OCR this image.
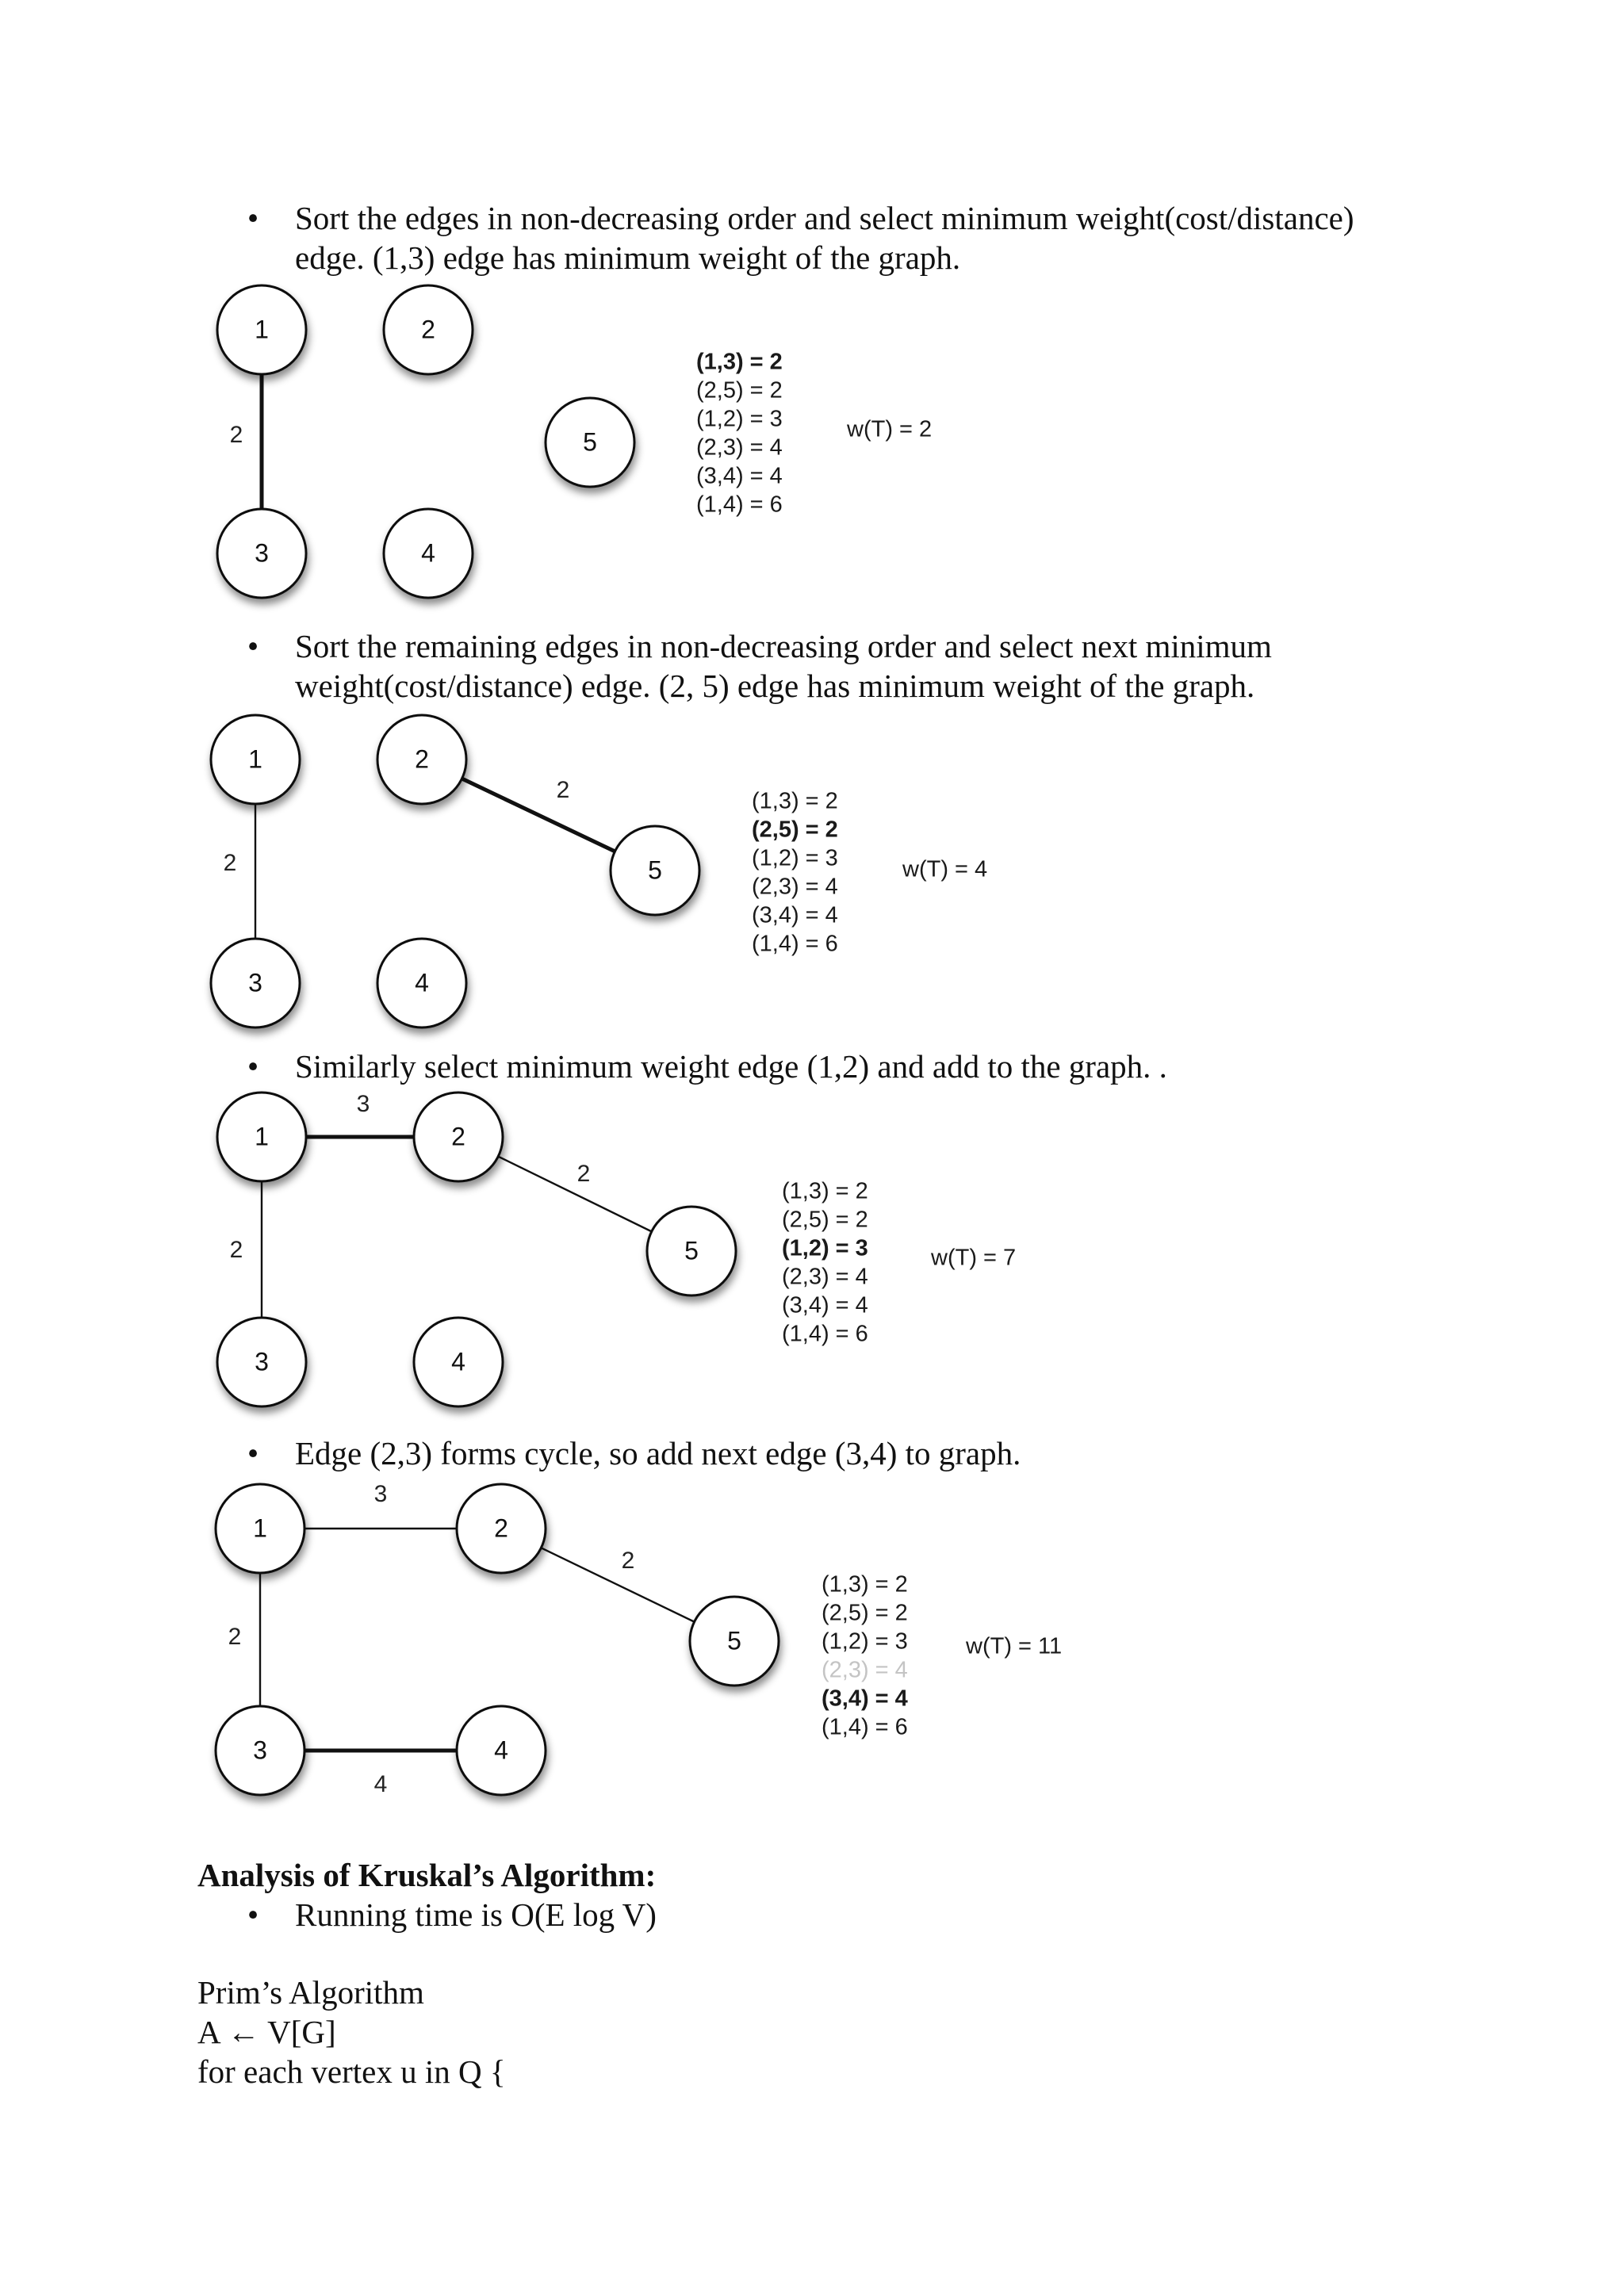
• Sort the edges in non-decreasing order and select minimum weight(cost/distance)
edge. (1,3) edge has minimum weight of the graph.
2
1	2
3	4
5
(1,3) = 2
(2,5) = 2
(1,2) = 3
(2,3) = 4
(3,4) = 4
(1,4) = 6
w(T) = 2
• Sort the remaining edges in non-decreasing order and select next minimum
weight(cost/distance) edge. (2, 5) edge has minimum weight of the graph.
2
2
1	2
3	4
5
(1,3) = 2
(2,5) = 2
(1,2) = 3
(2,3) = 4
(3,4) = 4
(1,4) = 6
w(T) = 4
• Similarly select minimum weight edge (1,2) and add to the graph. .
2
2
3
1	2
3	4
5
(1,3) = 2
(2,5) = 2
(1,2) = 3
(2,3) = 4
(3,4) = 4
(1,4) = 6
w(T) = 7
• Edge (2,3) forms cycle, so add next edge (3,4) to graph.
2
2
3
4
1	2
3	4
5
(1,3) = 2
(2,5) = 2
(1,2) = 3
(2,3) = 4
(3,4) = 4
(1,4) = 6
w(T) = 11
Analysis of Kruskal’s Algorithm:
• Running time is O(E log V)
Prim’s Algorithm
A ← V[G]
for each vertex u in Q {
